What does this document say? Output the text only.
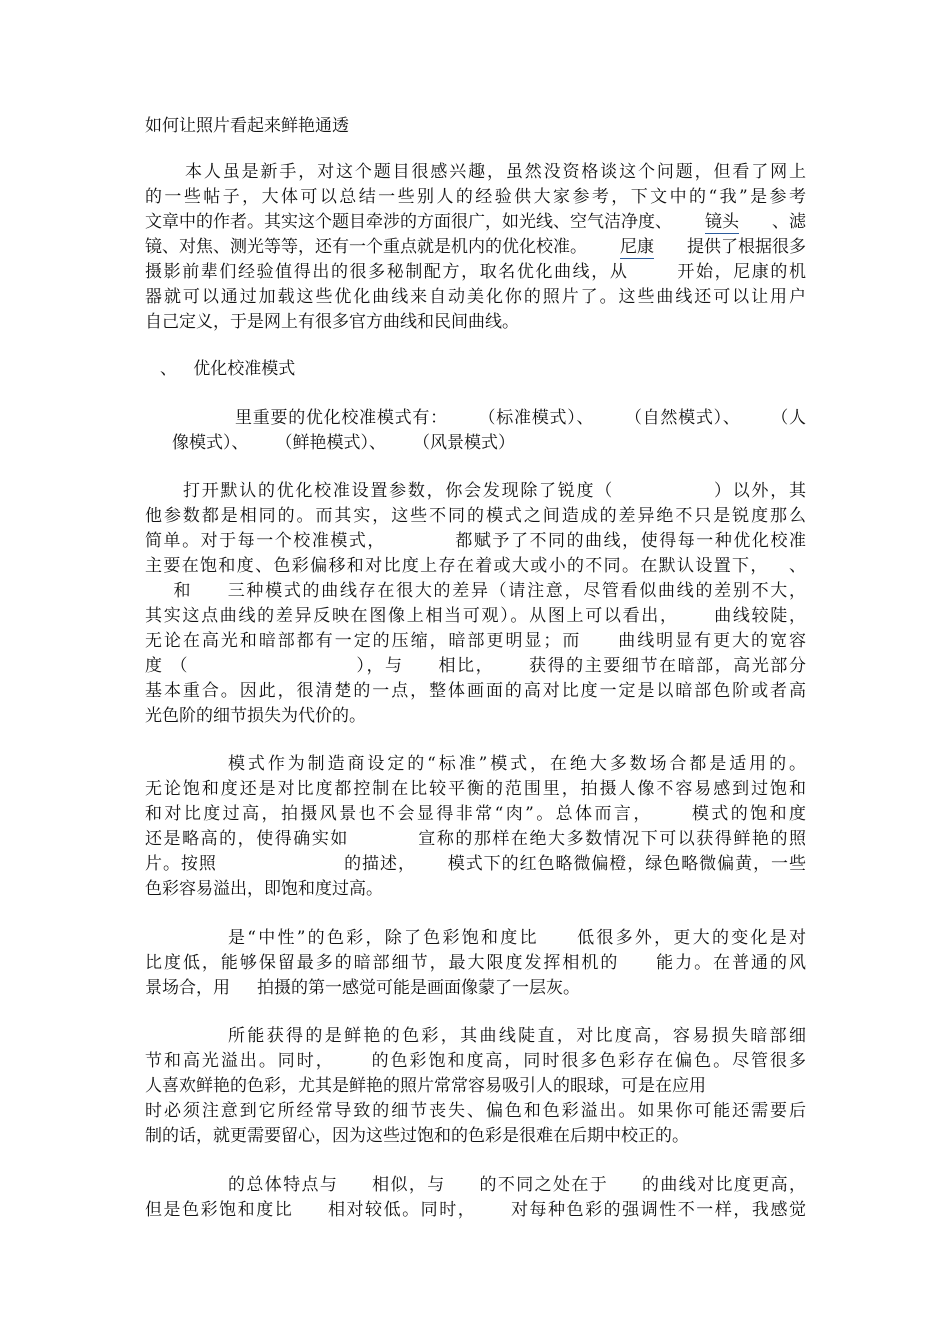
如何让照片看起来鲜艳通透
本人虽是新手，对这个题目很感兴趣，虽然没资格谈这个问题，但看了网上
的一些帖子，大体可以总结一些别人的经验供大家参考，下文中的“我”是参考
文章中的作者。其实这个题目牵涉的方面很广，如光线、空气洁净度、 镜头 、滤
镜、对焦、测光等等，还有一个重点就是机内的优化校准。 尼康 提供了根据很多
摄影前辈们经验值得出的很多秘制配方，取名优化曲线，从       开始，尼康的机
器就可以通过加载这些优化曲线来自动美化你的照片了。这些曲线还可以让用户
自己定义，于是网上有很多官方曲线和民间曲线。
、   优化校准模式
里重要的优化校准模式有：     （标准模式）、     （自然模式）、     （人
像模式）、     （鲜艳模式）、     （风景模式）
打开默认的优化校准设置参数，你会发现除了锐度（              ）以外，其
他参数都是相同的。而其实，这些不同的模式之间造成的差异绝不只是锐度那么
简单。对于每一个校准模式，          都赋予了不同的曲线，使得每一种优化校准
主要在饱和度、色彩偏移和对比度上存在着或大或小的不同。在默认设置下，   、
和     三种模式的曲线存在很大的差异（请注意，尽管看似曲线的差别不大，
其实这点曲线的差异反映在图像上相当可观）。从图上可以看出，     曲线较陡，
无论在高光和暗部都有一定的压缩，暗部更明显；而     曲线明显有更大的宽容
度 （                        ），与     相比，     获得的主要细节在暗部，高光部分
基本重合。因此，很清楚的一点，整体画面的高对比度一定是以暗部色阶或者高
光色阶的细节损失为代价的。
模式作为制造商设定的“标准”模式，在绝大多数场合都是适用的。
无论饱和度还是对比度都控制在比较平衡的范围里，拍摄人像不容易感到过饱和
和对比度过高，拍摄风景也不会显得非常“肉”。总体而言，     模式的饱和度
还是略高的，使得确实如          宣称的那样在绝大多数情况下可以获得鲜艳的照
片。按照                    的描述，     模式下的红色略微偏橙，绿色略微偏黄，一些
色彩容易溢出，即饱和度过高。
是“中性”的色彩，除了色彩饱和度比     低很多外，更大的变化是对
比度低，能够保留最多的暗部细节，最大限度发挥相机的     能力。在普通的风
景场合，用     拍摄的第一感觉可能是画面像蒙了一层灰。
所能获得的是鲜艳的色彩，其曲线陡直，对比度高，容易损失暗部细
节和高光溢出。同时，     的色彩饱和度高，同时很多色彩存在偏色。尽管很多
人喜欢鲜艳的色彩，尤其是鲜艳的照片常常容易吸引人的眼球，可是在应用
时必须注意到它所经常导致的细节丧失、偏色和色彩溢出。如果你可能还需要后
制的话，就更需要留心，因为这些过饱和的色彩是很难在后期中校正的。
的总体特点与     相似，与     的不同之处在于     的曲线对比度更高，
但是色彩饱和度比     相对较低。同时，     对每种色彩的强调性不一样，我感觉
